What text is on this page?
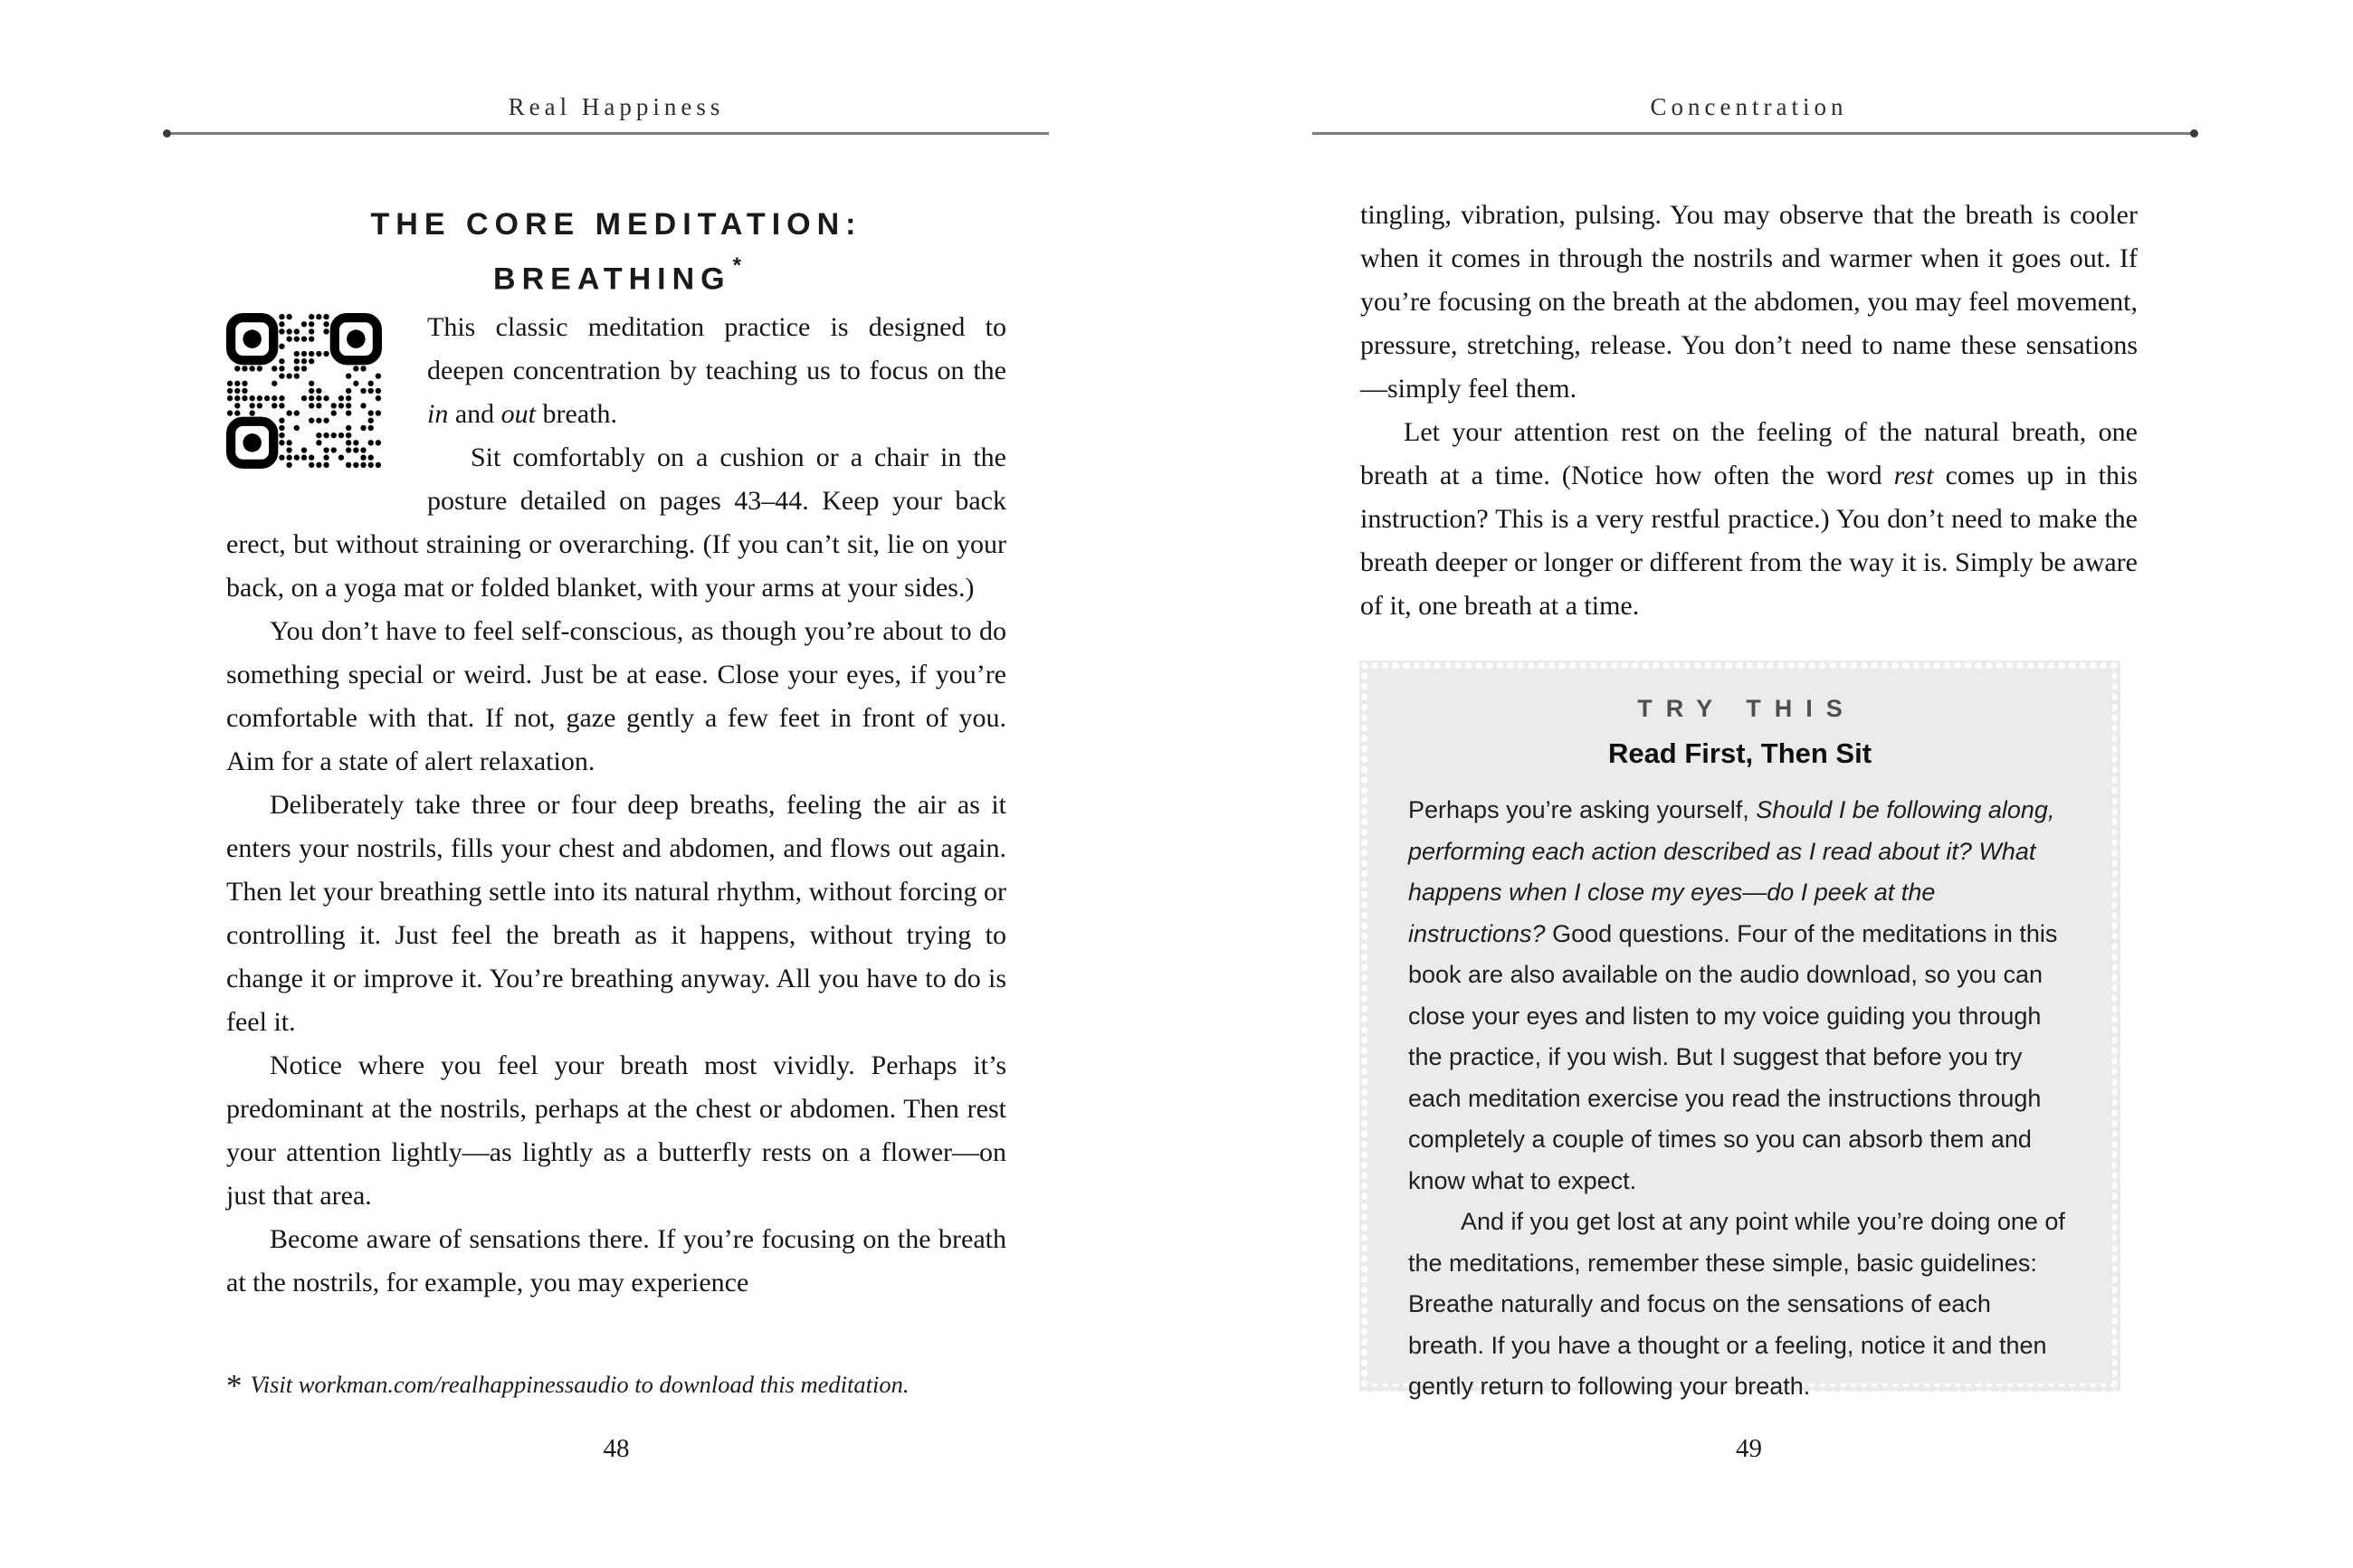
Real Happiness	Concentration
THE CORE MEDITATION:
BREATHING*

This classic meditation practice is designed to deepen concentration by teaching us to focus on the in and out breath.

Sit comfortably on a cushion or a chair in the posture detailed on pages 43–44. Keep your back erect, but without straining or overarching. (If you can’t sit, lie on your back, on a yoga mat or folded blanket, with your arms at your sides.)

You don’t have to feel self-conscious, as though you’re about to do something special or weird. Just be at ease. Close your eyes, if you’re comfortable with that. If not, gaze gently a few feet in front of you. Aim for a state of alert relaxation.

Deliberately take three or four deep breaths, feeling the air as it enters your nostrils, fills your chest and abdomen, and flows out again. Then let your breathing settle into its natural rhythm, without forcing or controlling it. Just feel the breath as it happens, without trying to change it or improve it. You’re breathing anyway. All you have to do is feel it.

Notice where you feel your breath most vividly. Perhaps it’s predominant at the nostrils, perhaps at the chest or abdomen. Then rest your attention lightly—as lightly as a butterfly rests on a flower—on just that area.

Become aware of sensations there. If you’re focusing on the breath at the nostrils, for example, you may experience

* Visit workman.com/realhappinessaudio to download this meditation.

tingling, vibration, pulsing. You may observe that the breath is cooler when it comes in through the nostrils and warmer when it goes out. If you’re focusing on the breath at the abdomen, you may feel movement, pressure, stretching, release. You don’t need to name these sensations—simply feel them.

Let your attention rest on the feeling of the natural breath, one breath at a time. (Notice how often the word rest comes up in this instruction? This is a very restful practice.) You don’t need to make the breath deeper or longer or different from the way it is. Simply be aware of it, one breath at a time.

TRY THIS
Read First, Then Sit

Perhaps you’re asking yourself, Should I be following along, performing each action described as I read about it? What happens when I close my eyes—do I peek at the instructions? Good questions. Four of the meditations in this book are also available on the audio download, so you can close your eyes and listen to my voice guiding you through the practice, if you wish. But I suggest that before you try each meditation exercise you read the instructions through completely a couple of times so you can absorb them and know what to expect.

And if you get lost at any point while you’re doing one of the meditations, remember these simple, basic guidelines: Breathe naturally and focus on the sensations of each breath. If you have a thought or a feeling, notice it and then gently return to following your breath.

48	49
